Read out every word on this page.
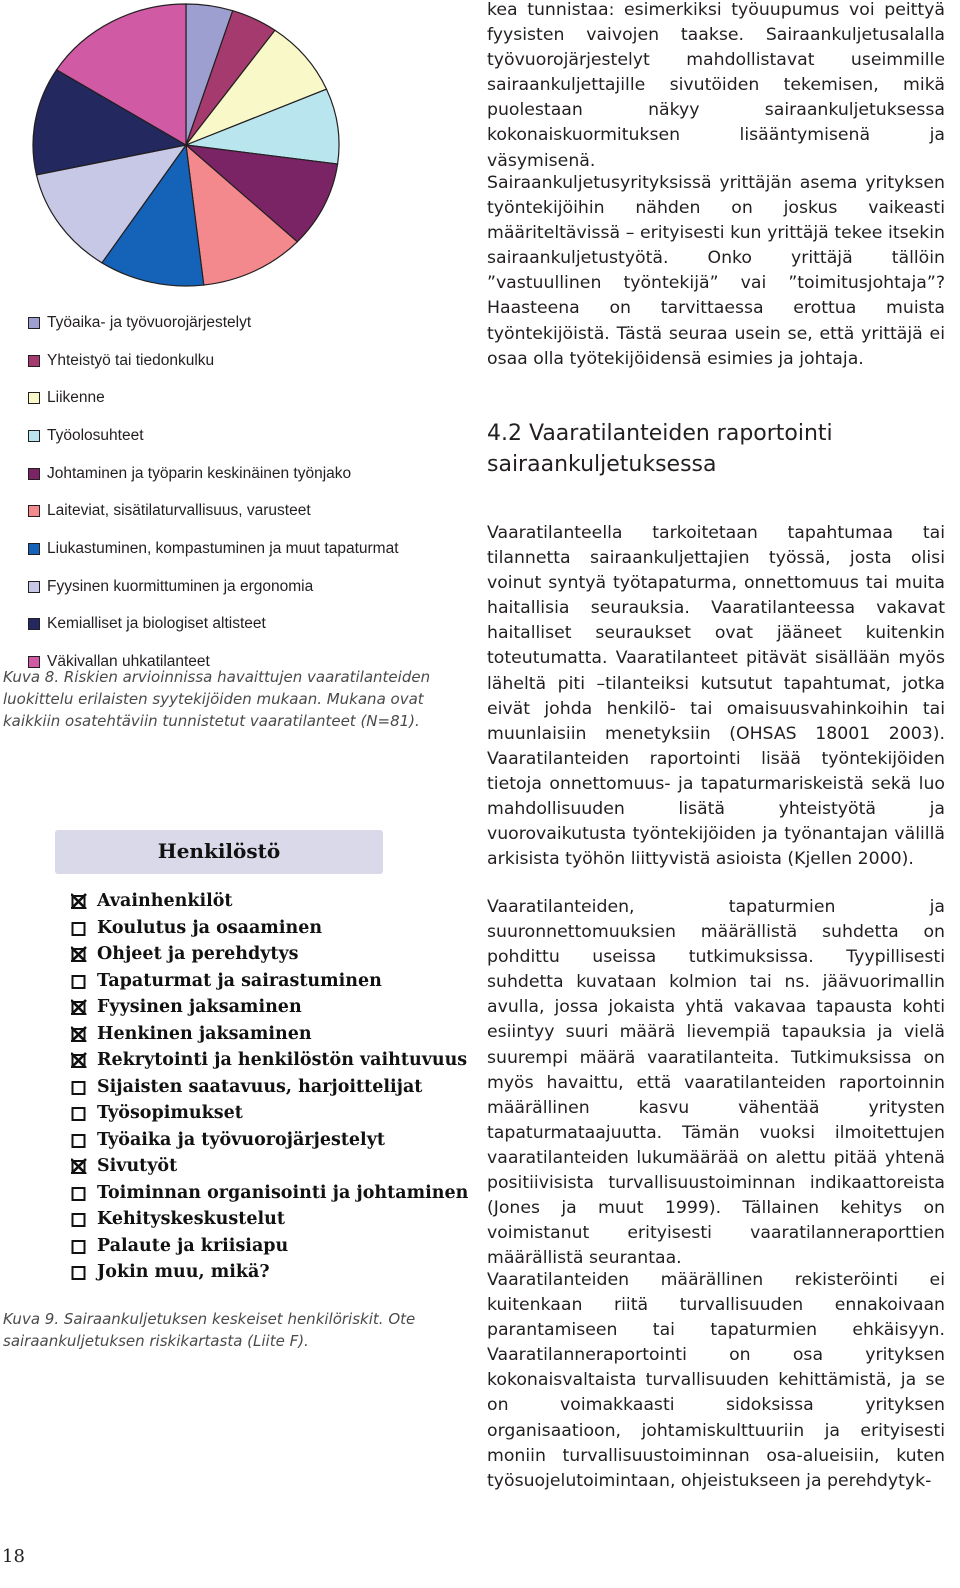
Työaika- ja työvuorojärjestelyt
Yhteistyö tai tiedonkulku
Liikenne
Työolosuhteet
Johtaminen ja työparin keskinäinen työnjako
Laiteviat, sisätilaturvallisuus, varusteet
Liukastuminen, kompastuminen ja muut tapaturmat
Fyysinen kuormittuminen ja ergonomia
Kemialliset ja biologiset altisteet
Väkivallan uhkatilanteet

Kuva 8. Riskien arvioinnissa havaittujen vaaratilanteiden luokittelu erilaisten syytekijöiden mukaan. Mukana ovat kaikkiin osatehtäviin tunnistetut vaaratilanteet (N=81).

Henkilöstö
Avainhenkilöt
Koulutus ja osaaminen
Ohjeet ja perehdytys
Tapaturmat ja sairastuminen
Fyysinen jaksaminen
Henkinen jaksaminen
Rekrytointi ja henkilöstön vaihtuvuus
Sijaisten saatavuus, harjoittelijat
Työsopimukset
Työaika ja työvuorojärjestelyt
Sivutyöt
Toiminnan organisointi ja johtaminen
Kehityskeskustelut
Palaute ja kriisiapu
Jokin muu, mikä?

Kuva 9. Sairaankuljetuksen keskeiset henkilöriskit. Ote sairaankuljetuksen riskikartasta (Liite F).

kea tunnistaa: esimerkiksi työuupumus voi peittyä fyysisten vaivojen taakse. Sairaankuljetusalalla työvuorojärjestelyt mahdollistavat useimmille sairaankuljettajille sivutöiden tekemisen, mikä puolestaan näkyy sairaankuljetuksessa kokonaiskuormituksen lisääntymisenä ja väsymisenä.

Sairaankuljetusyrityksissä yrittäjän asema yrityksen työntekijöihin nähden on joskus vaikeasti määriteltävissä – erityisesti kun yrittäjä tekee itsekin sairaankuljetustyötä. Onko yrittäjä tällöin ”vastuullinen työntekijä” vai ”toimitusjohtaja”? Haasteena on tarvittaessa erottua muista työntekijöistä. Tästä seuraa usein se, että yrittäjä ei osaa olla työtekijöidensä esimies ja johtaja.

4.2 Vaaratilanteiden raportointi sairaankuljetuksessa

Vaaratilanteella tarkoitetaan tapahtumaa tai tilannetta sairaankuljettajien työssä, josta olisi voinut syntyä työtapaturma, onnettomuus tai muita haitallisia seurauksia. Vaaratilanteessa vakavat haitalliset seuraukset ovat jääneet kuitenkin toteutumatta. Vaaratilanteet pitävät sisällään myös läheltä piti –tilanteiksi kutsutut tapahtumat, jotka eivät johda henkilö- tai omaisuusvahinkoihin tai muunlaisiin menetyksiin (OHSAS 18001 2003). Vaaratilanteiden raportointi lisää työntekijöiden tietoja onnettomuus- ja tapaturmariskeistä sekä luo mahdollisuuden lisätä yhteistyötä ja vuorovaikutusta työntekijöiden ja työnantajan välillä arkisista työhön liittyvistä asioista (Kjellen 2000).

Vaaratilanteiden, tapaturmien ja suuronnettomuuksien määrällistä suhdetta on pohdittu useissa tutkimuksissa. Tyypillisesti suhdetta kuvataan kolmion tai ns. jäävuorimallin avulla, jossa jokaista yhtä vakavaa tapausta kohti esiintyy suuri määrä lievempiä tapauksia ja vielä suurempi määrä vaaratilanteita. Tutkimuksissa on myös havaittu, että vaaratilanteiden raportoinnin määrällinen kasvu vähentää yritysten tapaturmataajuutta. Tämän vuoksi ilmoitettujen vaaratilanteiden lukumäärää on alettu pitää yhtenä positiivisista turvallisuustoiminnan indikaattoreista (Jones ja muut 1999). Tällainen kehitys on voimistanut erityisesti vaaratilanneraporttien määrällistä seurantaa.

Vaaratilanteiden määrällinen rekisteröinti ei kuitenkaan riitä turvallisuuden ennakoivaan parantamiseen tai tapaturmien ehkäisyyn. Vaaratilanneraportointi on osa yrityksen kokonaisvaltaista turvallisuuden kehittämistä, ja se on voimakkaasti sidoksissa yrityksen organisaatioon, johtamiskulttuuriin ja erityisesti moniin turvallisuustoiminnan osa-alueisiin, kuten työsuojelutoimintaan, ohjeistukseen ja perehdytyk-

18
